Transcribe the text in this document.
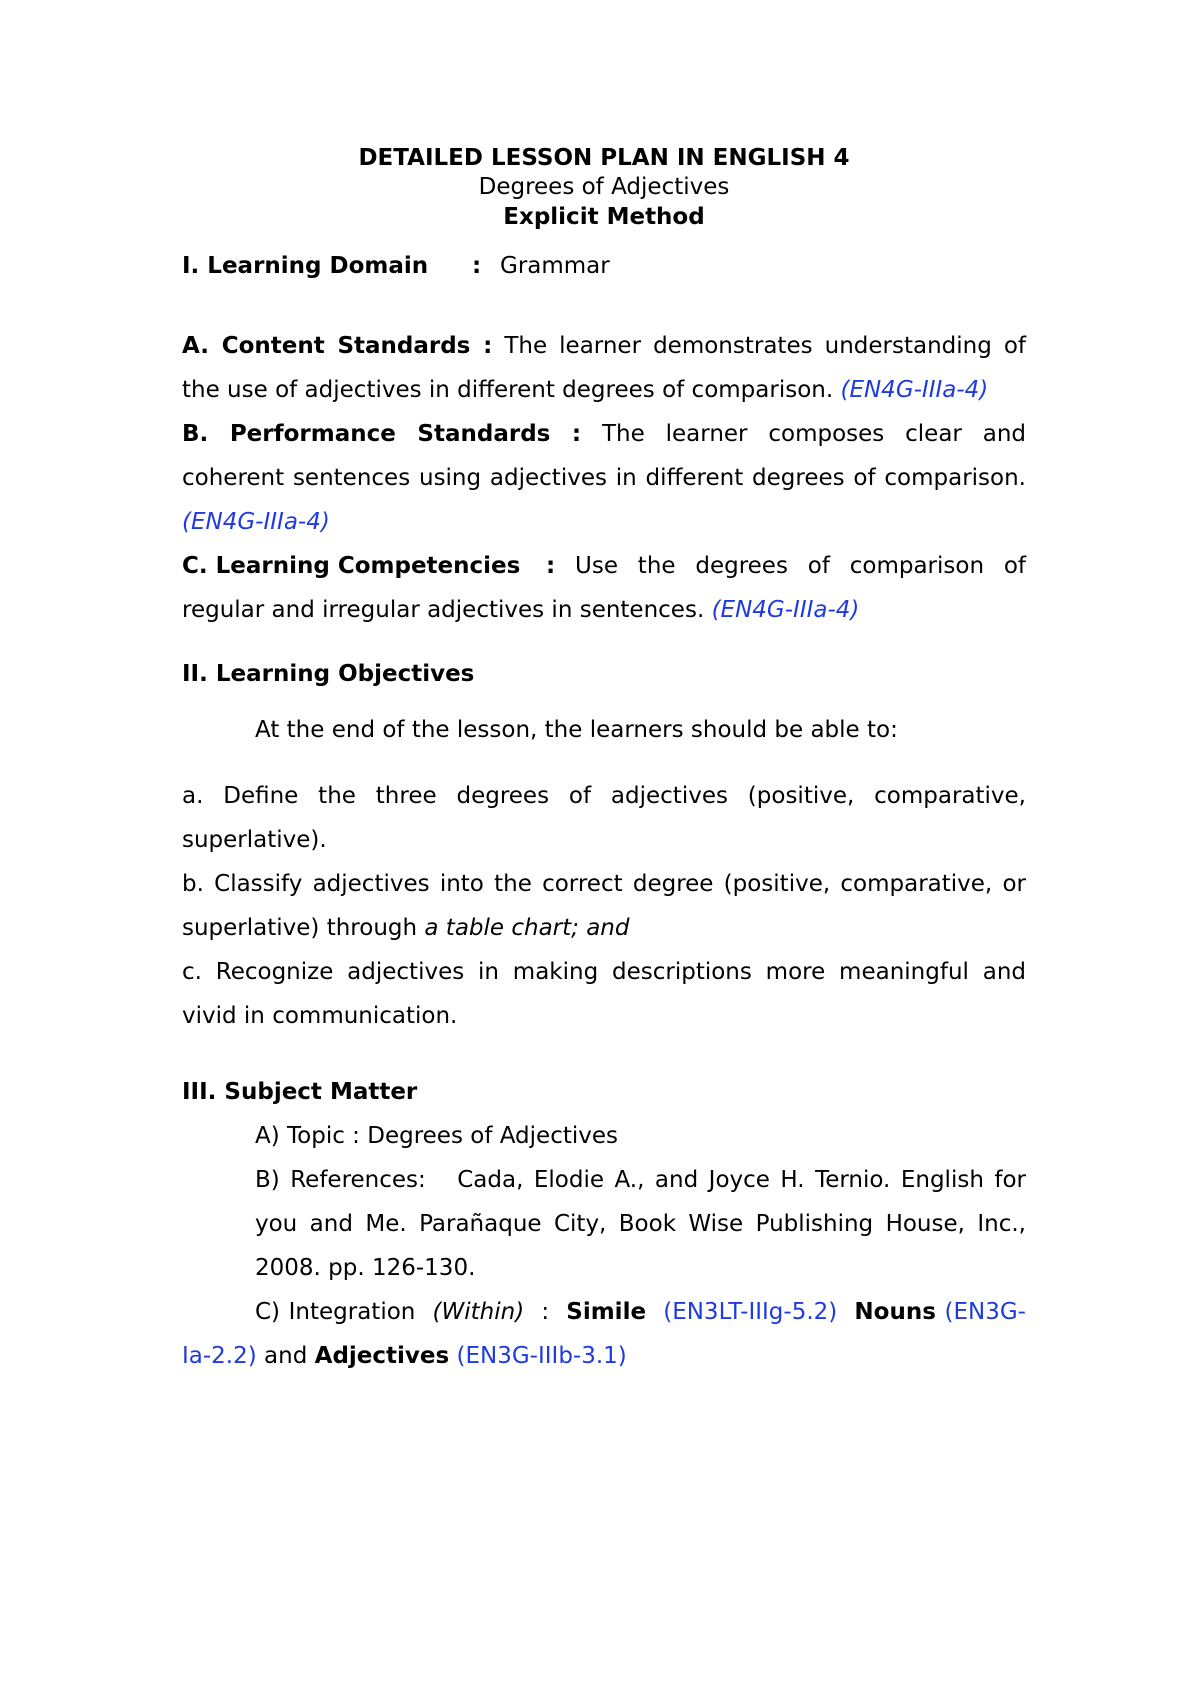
DETAILED LESSON PLAN IN ENGLISH 4

Degrees of Adjectives

Explicit Method

I. Learning Domain : Grammar

A. Content Standards : The learner demonstrates understanding of the use of adjectives in different degrees of comparison. (EN4G-IIIa-4)

B. Performance Standards : The learner composes clear and coherent sentences using adjectives in different degrees of comparison. (EN4G-IIIa-4)

C. Learning Competencies : Use the degrees of comparison of regular and irregular adjectives in sentences. (EN4G-IIIa-4)

II. Learning Objectives

At the end of the lesson, the learners should be able to:

a. Define the three degrees of adjectives (positive, comparative, superlative).

b. Classify adjectives into the correct degree (positive, comparative, or superlative) through a table chart; and

c. Recognize adjectives in making descriptions more meaningful and vivid in communication.

III. Subject Matter

A) Topic : Degrees of Adjectives

B) References: Cada, Elodie A., and Joyce H. Ternio. English for you and Me. Parañaque City, Book Wise Publishing House, Inc., 2008. pp. 126-130.

C) Integration (Within) : Simile (EN3LT-IIIg-5.2) Nouns (EN3G-Ia-2.2) and Adjectives (EN3G-IIIb-3.1)
